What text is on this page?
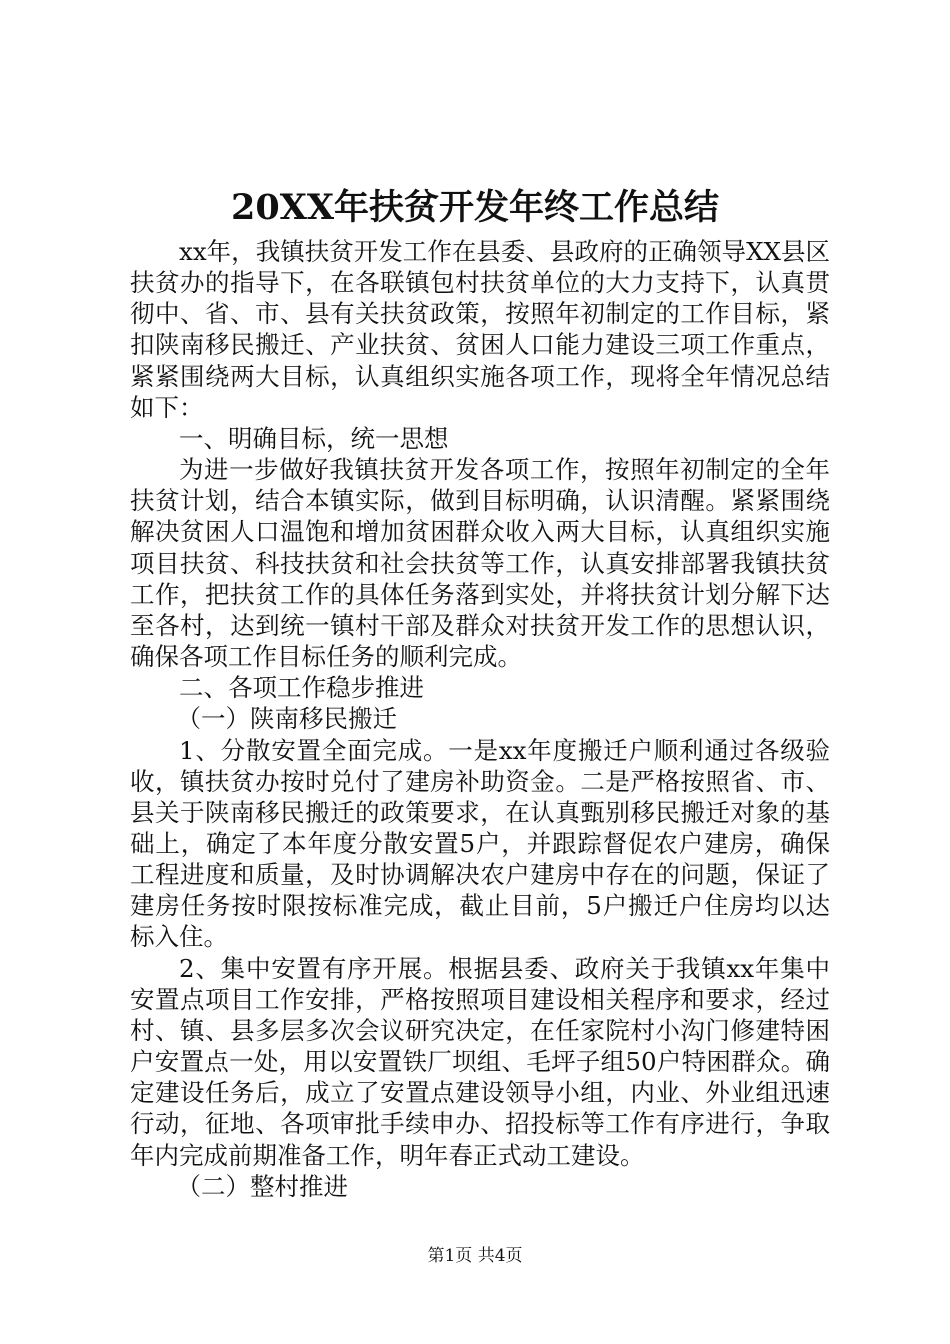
20XX年扶贫开发年终工作总结

xx年，我镇扶贫开发工作在县委、县政府的正确领导XX县区扶贫办的指导下，在各联镇包村扶贫单位的大力支持下，认真贯彻中、省、市、县有关扶贫政策，按照年初制定的工作目标，紧扣陕南移民搬迁、产业扶贫、贫困人口能力建设三项工作重点，紧紧围绕两大目标，认真组织实施各项工作，现将全年情况总结如下：

一、明确目标，统一思想

为进一步做好我镇扶贫开发各项工作，按照年初制定的全年扶贫计划，结合本镇实际，做到目标明确，认识清醒。紧紧围绕解决贫困人口温饱和增加贫困群众收入两大目标，认真组织实施项目扶贫、科技扶贫和社会扶贫等工作，认真安排部署我镇扶贫工作，把扶贫工作的具体任务落到实处，并将扶贫计划分解下达至各村，达到统一镇村干部及群众对扶贫开发工作的思想认识，确保各项工作目标任务的顺利完成。

二、各项工作稳步推进

（一）陕南移民搬迁

1、分散安置全面完成。一是xx年度搬迁户顺利通过各级验收，镇扶贫办按时兑付了建房补助资金。二是严格按照省、市、县关于陕南移民搬迁的政策要求，在认真甄别移民搬迁对象的基础上，确定了本年度分散安置5户，并跟踪督促农户建房，确保工程进度和质量，及时协调解决农户建房中存在的问题，保证了建房任务按时限按标准完成，截止目前，5户搬迁户住房均以达标入住。

2、集中安置有序开展。根据县委、政府关于我镇xx年集中安置点项目工作安排，严格按照项目建设相关程序和要求，经过村、镇、县多层多次会议研究决定，在任家院村小沟门修建特困户安置点一处，用以安置铁厂坝组、毛坪子组50户特困群众。确定建设任务后，成立了安置点建设领导小组，内业、外业组迅速行动，征地、各项审批手续申办、招投标等工作有序进行，争取年内完成前期准备工作，明年春正式动工建设。

（二）整村推进

第1页 共4页
